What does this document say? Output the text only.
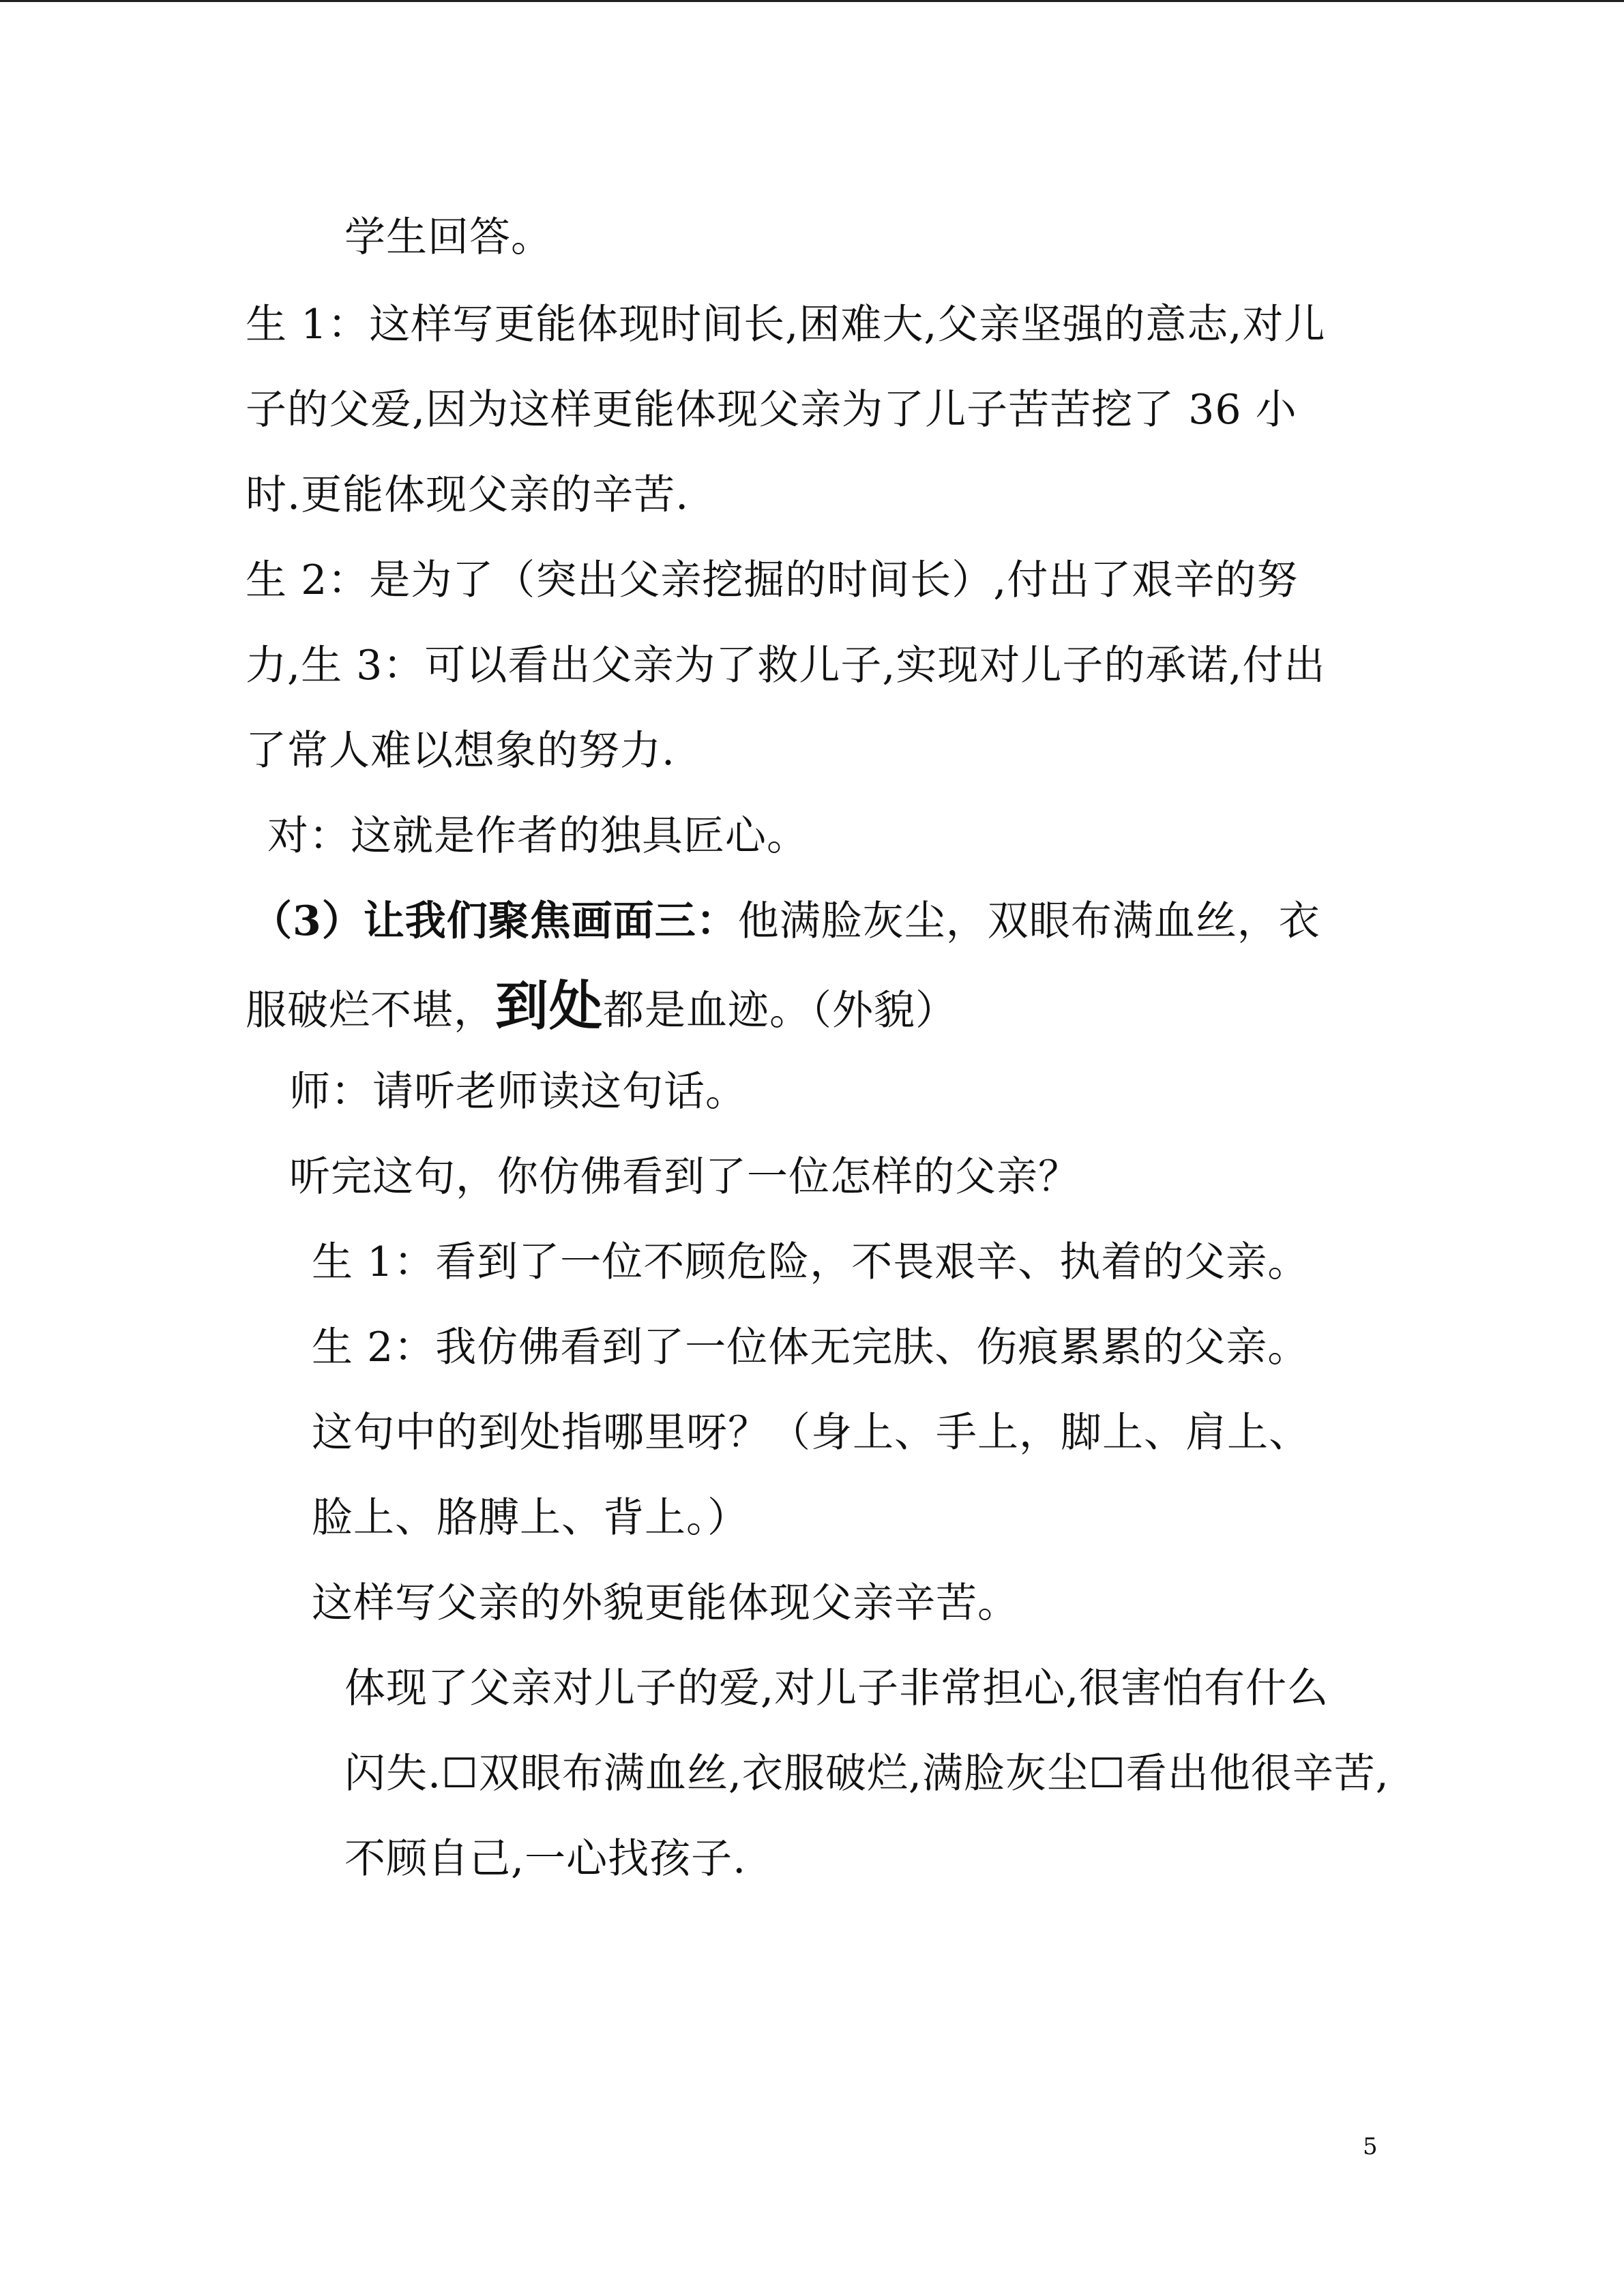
学生回答。
生 1：这样写更能体现时间长,困难大,父亲坚强的意志,对儿
子的父爱,因为这样更能体现父亲为了儿子苦苦挖了 36 小
时.更能体现父亲的辛苦.
生 2：是为了（突出父亲挖掘的时间长）,付出了艰辛的努
力,生 3：可以看出父亲为了救儿子,实现对儿子的承诺,付出
了常人难以想象的努力.
对：这就是作者的独具匠心。
（3）让我们聚焦画面三：他满脸灰尘，双眼布满血丝，衣
服破烂不堪，到处都是血迹。（外貌）
师：请听老师读这句话。
听完这句，你仿佛看到了一位怎样的父亲？
生 1：看到了一位不顾危险，不畏艰辛、执着的父亲。
生 2：我仿佛看到了一位体无完肤、伤痕累累的父亲。
这句中的到处指哪里呀？（身上、手上，脚上、肩上、
脸上、胳膊上、背上。）
这样写父亲的外貌更能体现父亲辛苦。
体现了父亲对儿子的爱,对儿子非常担心,很害怕有什么
闪失.☐双眼布满血丝,衣服破烂,满脸灰尘☐看出他很辛苦,
不顾自己,一心找孩子.
5
